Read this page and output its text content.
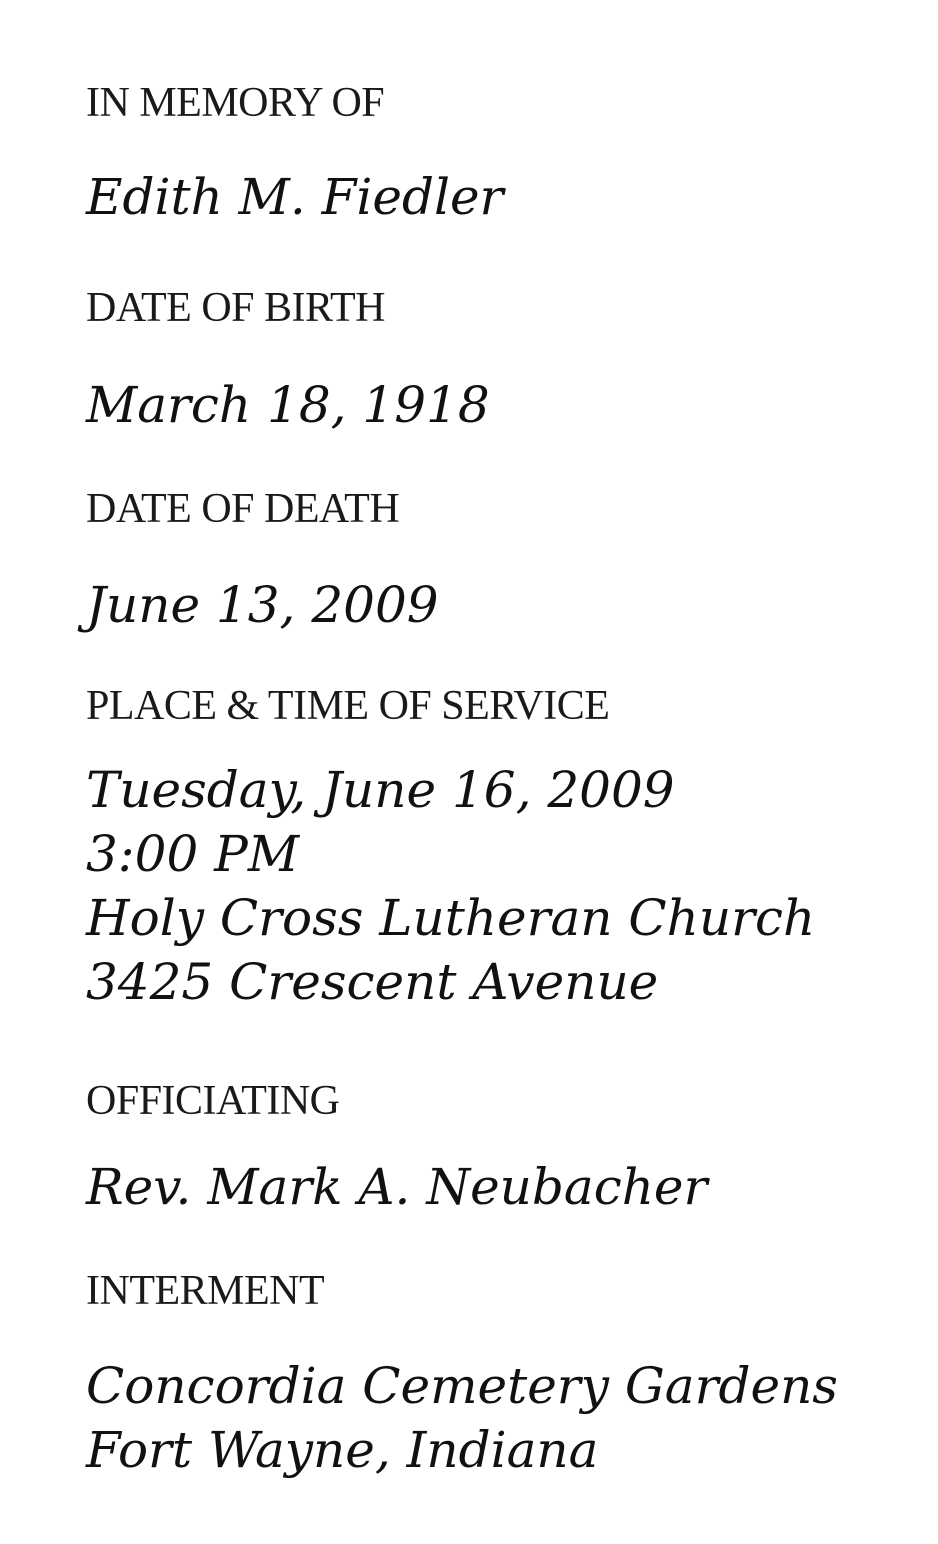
IN MEMORY OF
Edith M. Fiedler
DATE OF BIRTH
March 18, 1918
DATE OF DEATH
June 13, 2009
PLACE & TIME OF SERVICE
Tuesday, June 16, 2009
3:00 PM
Holy Cross Lutheran Church
3425 Crescent Avenue
OFFICIATING
Rev. Mark A. Neubacher
INTERMENT
Concordia Cemetery Gardens
Fort Wayne, Indiana
